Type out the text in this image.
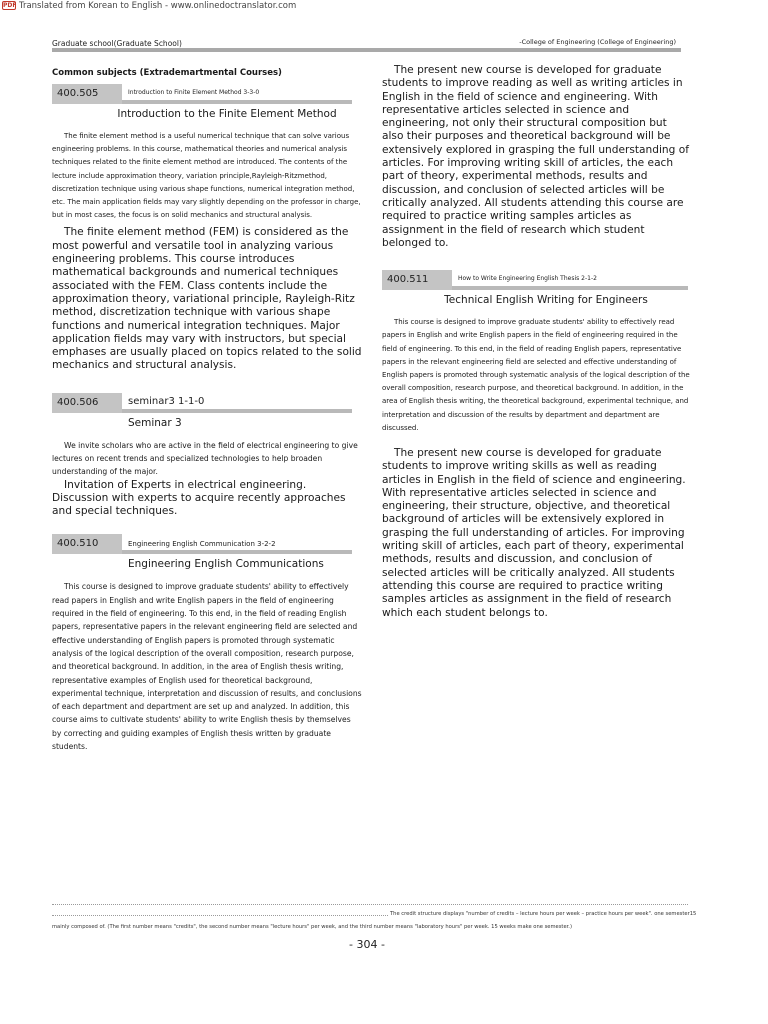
PDF Translated from Korean to English - www.onlinedoctranslator.com
Graduate school(Graduate School)	-College of Engineering (College of Engineering)
Common subjects (Extrademartmental Courses)
400.505	Introduction to Finite Element Method 3-3-0
Introduction to the Finite Element Method

The finite element method is a useful numerical technique that can solve various engineering problems. In this course, mathematical theories and numerical analysis techniques related to the finite element method are introduced. The contents of the lecture include approximation theory, variation principle,Rayleigh-Ritzmethod, discretization technique using various shape functions, numerical integration method, etc. The main application fields may vary slightly depending on the professor in charge, but in most cases, the focus is on solid mechanics and structural analysis.

The finite element method (FEM) is considered as the most powerful and versatile tool in analyzing various engineering problems. This course introduces mathematical backgrounds and numerical techniques associated with the FEM. Class contents include the approximation theory, variational principle, Rayleigh-Ritz method, discretization technique with various shape functions and numerical integration techniques. Major application fields may vary with instructors, but special emphases are usually placed on topics related to the solid mechanics and structural analysis.

400.506	seminar3 1-1-0
Seminar 3

We invite scholars who are active in the field of electrical engineering to give lectures on recent trends and specialized technologies to help broaden understanding of the major.

Invitation of Experts in electrical engineering. Discussion with experts to acquire recently approaches and special techniques.

400.510	Engineering English Communication 3-2-2
Engineering English Communications

This course is designed to improve graduate students' ability to effectively read papers in English and write English papers in the field of engineering required in the field of engineering. To this end, in the field of reading English papers, representative papers in the relevant engineering field are selected and effective understanding of English papers is promoted through systematic analysis of the logical description of the overall composition, research purpose, and theoretical background. In addition, in the area of English thesis writing, representative examples of English used for theoretical background, experimental technique, interpretation and discussion of results, and conclusions of each department and department are set up and analyzed. In addition, this course aims to cultivate students' ability to write English thesis by themselves by correcting and guiding examples of English thesis written by graduate students.

The present new course is developed for graduate students to improve reading as well as writing articles in English in the field of science and engineering. With representative articles selected in science and engineering, not only their structural composition but also their purposes and theoretical background will be extensively explored in grasping the full understanding of articles. For improving writing skill of articles, the each part of theory, experimental methods, results and discussion, and conclusion of selected articles will be critically analyzed. All students attending this course are required to practice writing samples articles as assignment in the field of research which student belonged to.

400.511	How to Write Engineering English Thesis 2-1-2
Technical English Writing for Engineers

This course is designed to improve graduate students' ability to effectively read papers in English and write English papers in the field of engineering required in the field of engineering. To this end, in the field of reading English papers, representative papers in the relevant engineering field are selected and effective understanding of English papers is promoted through systematic analysis of the logical description of the overall composition, research purpose, and theoretical background. In addition, in the area of English thesis writing, the theoretical background, experimental technique, and interpretation and discussion of the results by department and department are discussed.

The present new course is developed for graduate students to improve writing skills as well as reading articles in English in the field of science and engineering. With representative articles selected in science and engineering, their structure, objective, and theoretical background of articles will be extensively explored in grasping the full understanding of articles. For improving writing skill of articles, each part of theory, experimental methods, results and discussion, and conclusion of selected articles will be critically analyzed. All students attending this course are required to practice writing samples articles as assignment in the field of research which each student belongs to.

The credit structure displays "number of credits – lecture hours per week – practice hours per week". one semester15
mainly composed of. (The first number means "credits", the second number means "lecture hours" per week, and the third number means "laboratory hours" per week. 15 weeks make one semester.)
- 304 -
